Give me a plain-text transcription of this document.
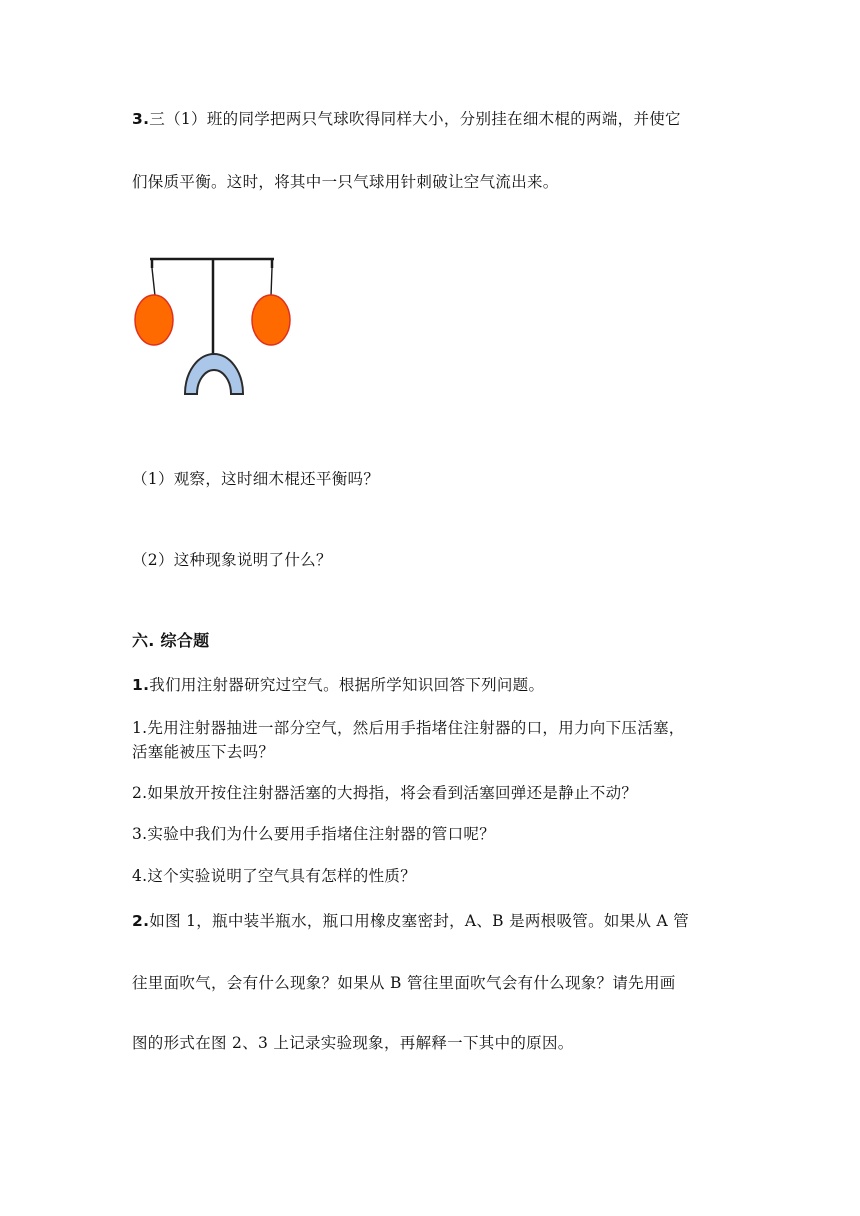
3.三（1）班的同学把两只气球吹得同样大小，分别挂在细木棍的两端，并使它
们保质平衡。这时，将其中一只气球用针刺破让空气流出来。
（1）观察，这时细木棍还平衡吗？
（2）这种现象说明了什么？
六. 综合题
1.我们用注射器研究过空气。根据所学知识回答下列问题。
1.先用注射器抽进一部分空气，然后用手指堵住注射器的口，用力向下压活塞，
活塞能被压下去吗？
2.如果放开按住注射器活塞的大拇指，将会看到活塞回弹还是静止不动？
3.实验中我们为什么要用手指堵住注射器的管口呢？
4.这个实验说明了空气具有怎样的性质？
2.如图 1，瓶中装半瓶水，瓶口用橡皮塞密封，A、B 是两根吸管。如果从 A 管
往里面吹气，会有什么现象？如果从 B 管往里面吹气会有什么现象？请先用画
图的形式在图 2、3 上记录实验现象，再解释一下其中的原因。
